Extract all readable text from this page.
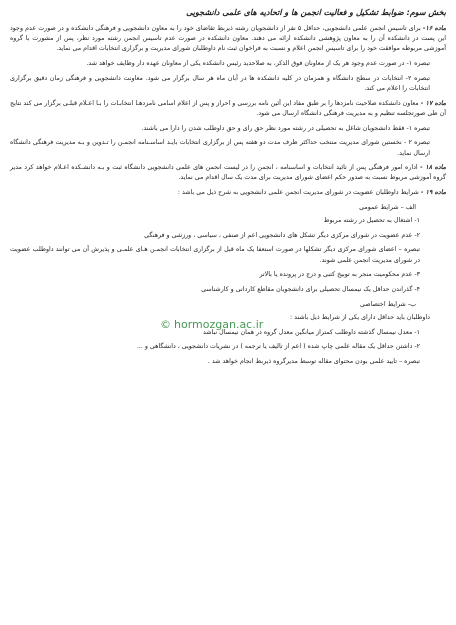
بخش سوم: ضوابط تشکیل و فعالیت انجمن ها و اتحادیه های علمی دانشجویی
ماده ۱۶- برای تاسیس انجمن علمی دانشجویی، حداقل ۵ نفر از دانشجویان رشته ذیربط تقاضای خود را به معاون دانشجویی و فرهنگی دانشکده و در صورت عدم وجود این پست در دانشکده آن را به معاون پژوهشی دانشکده ارائه می دهند. معاون دانشکده در صورت عدم تاسیس انجمن رشته مورد نظر، پس از مشورت با گروه آموزشی مربوطه موافقت خود را برای تاسیس انجمن اعلام و نسبت به فراخوان ثبت نام داوطلبان شورای مدیریت و برگزاری انتخابات اقدام می نماید.
تبصره ۱- در صورت عدم وجود هر یک از معاونان فوق الذکر، به صلاحدید رئیس دانشکده یکی از معاونان عهده دار وظایف خواهد شد.
تبصره ۲- انتخابات در سطح دانشگاه و همزمان در کلیه دانشکده ها در آبان ماه هر سال برگزار می شود. معاونت دانشجویی و فرهنگی زمان دقیق برگزاری انتخابات را اعلام می کند.
ماده ۱۷ - معاون دانشکده صلاحیت نامزدها را بر طبق مفاد این آئین نامه بررسی و احراز و پس از اعلام اسامی نامزدهـا انتخابـات را بـا اعـلام قبلـی برگزار می کند نتایج آن طی صورتجلسه تنظیم و به مدیریت فرهنگی دانشگاه ارسال می شود.
تبصره ۱- فقط دانشجویان شاغل به تحصیلی در رشته مورد نظر حق رای و حق داوطلب شدن را دارا می باشند.
تبصره ۲ - نخستین شورای مدیریت منتخب حداکثر ظرف مدت دو هفته پس از برگزاری انتخابات بایـد اساسـنامه انجمـن را تـدوین و بـه مدیریت فرهنگی دانشگاه ارسال نماید.
ماده ۱۸ - اداره امور فرهنگی پس از تائید انتخابات و اساسنامه ، انجمن را در لیست انجمن های علمی دانشجویی دانشگاه ثبت و بـه دانشـکده اعـلام خواهد کرد مدیر گروه آموزشی مربوط نسبت به صدور حکم اعضای شورای مدیریت برای مدت یک سال اقدام می نماید.
ماده ۱۹ - شرایط داوطلبان عضویت در شورای مدیریت انجمن علمی دانشجویی به شرح ذیل می باشد :
الف – شرایط عمومی
۱- اشتغال به تحصیل در رشته مربوط
۲- عدم عضویت در شورای مرکزی دیگر تشکل های دانشجویی اعم از صنفی ، سیاسی ، ورزشی و فرهنگی
تبصره – اعضای شورای مرکزی دیگر تشکلها در صورت استعفا یک ماه قبل از برگزاری انتخابات انجمـن هـای علمـی و پذیرش آن می توانند داوطلب عضویت در شورای مدیریت انجمن علمی شوند.
۳- عدم محکومیت منجر به توبیخ کتبی و درج در پرونده یا بالاتر
۴- گذراندن حداقل یک نیمسال تحصیلی برای دانشجویان مقاطع کاردانی و کارشناسی
ب- شرایط اختصاصی
داوطلبان باید حداقل دارای یکی از شرایط ذیل باشند :
۱- معدل نیمسال گذشته داوطلب کمتراز میانگین معدل گروه در همان نیمسال نباشد
۲- داشتن حداقل یک مقاله علمی چاپ شده ( اعم از تالیف یا ترجمه ) در نشریات دانشجویی ، دانشگاهی و ...
تبصره – تایید علمی بودن محتوای مقاله توسط مدیرگروه ذیربط انجام خواهد شد .
© hormozgan.ac.ir
